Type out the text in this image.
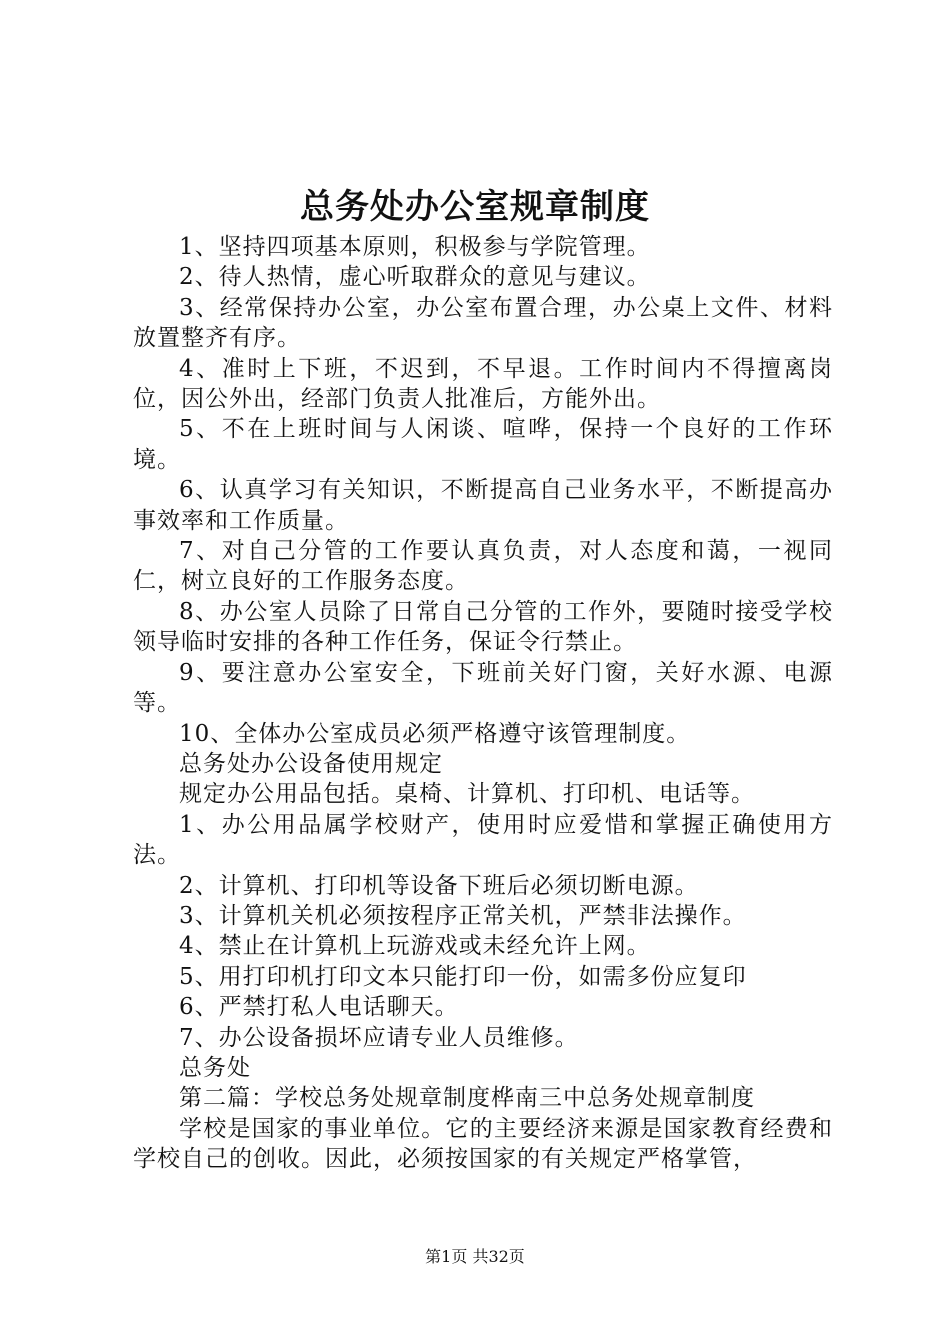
总务处办公室规章制度

1、坚持四项基本原则，积极参与学院管理。

2、待人热情，虚心听取群众的意见与建议。

3、经常保持办公室，办公室布置合理，办公桌上文件、材料放置整齐有序。

4、准时上下班，不迟到，不早退。工作时间内不得擅离岗位，因公外出，经部门负责人批准后，方能外出。

5、不在上班时间与人闲谈、喧哗，保持一个良好的工作环境。

6、认真学习有关知识，不断提高自己业务水平，不断提高办事效率和工作质量。

7、对自己分管的工作要认真负责，对人态度和蔼，一视同仁，树立良好的工作服务态度。

8、办公室人员除了日常自己分管的工作外，要随时接受学校领导临时安排的各种工作任务，保证令行禁止。

9、要注意办公室安全，下班前关好门窗，关好水源、电源等。

10、全体办公室成员必须严格遵守该管理制度。

总务处办公设备使用规定

规定办公用品包括。桌椅、计算机、打印机、电话等。

1、办公用品属学校财产，使用时应爱惜和掌握正确使用方法。

2、计算机、打印机等设备下班后必须切断电源。

3、计算机关机必须按程序正常关机，严禁非法操作。

4、禁止在计算机上玩游戏或未经允许上网。

5、用打印机打印文本只能打印一份，如需多份应复印

6、严禁打私人电话聊天。

7、办公设备损坏应请专业人员维修。

总务处

第二篇：学校总务处规章制度桦南三中总务处规章制度

学校是国家的事业单位。它的主要经济来源是国家教育经费和学校自己的创收。因此，必须按国家的有关规定严格掌管，

第1页 共32页
